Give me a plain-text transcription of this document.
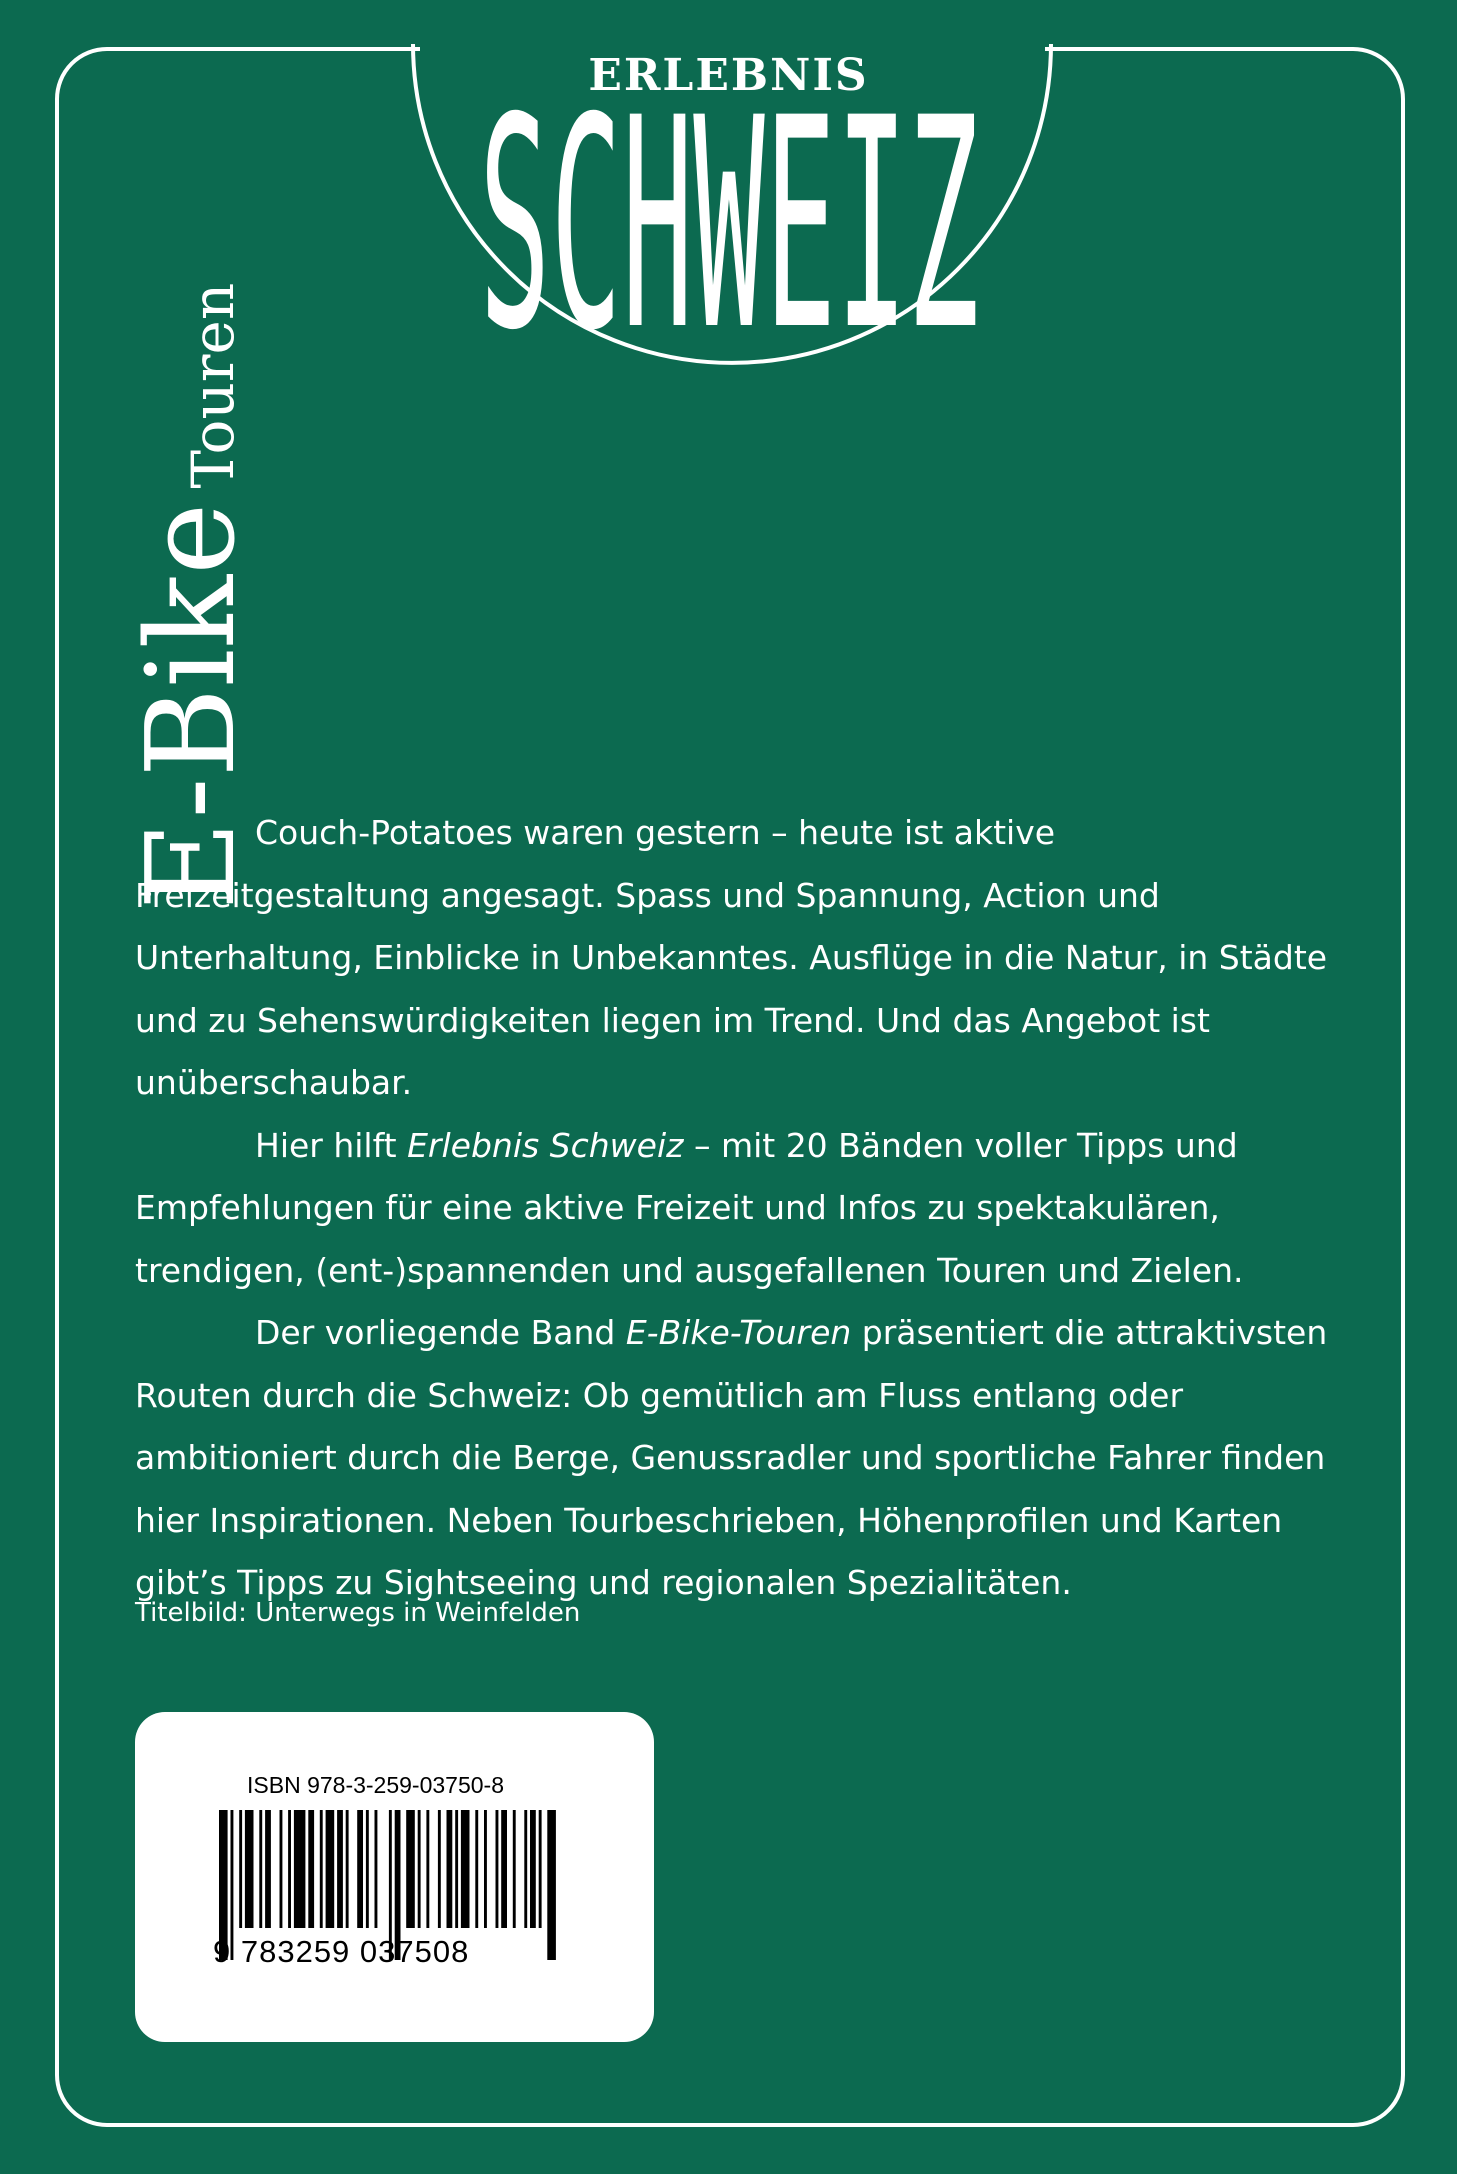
ERLEBNIS
SCHWEIZ
E-Bike
Touren

Couch-Potatoes waren gestern – heute ist aktive Freizeitgestaltung angesagt. Spass und Spannung, Action und Unterhaltung, Einblicke in Unbekanntes. Ausflüge in die Natur, in Städte und zu Sehenswürdigkeiten liegen im Trend. Und das Angebot ist unüberschaubar.

Hier hilft Erlebnis Schweiz – mit 20 Bänden voller Tipps und Empfehlungen für eine aktive Freizeit und Infos zu spektakulären, trendigen, (ent-)spannenden und ausgefallenen Touren und Zielen.

Der vorliegende Band E-Bike-Touren präsentiert die attraktivsten Routen durch die Schweiz: Ob gemütlich am Fluss entlang oder ambitioniert durch die Berge, Genussradler und sportliche Fahrer finden hier Inspirationen. Neben Tourbeschrieben, Höhenprofilen und Karten gibt’s Tipps zu Sightseeing und regionalen Spezialitäten.

Titelbild: Unterwegs in Weinfelden
ISBN 978-3-259-03750-8
9 783259 037508
